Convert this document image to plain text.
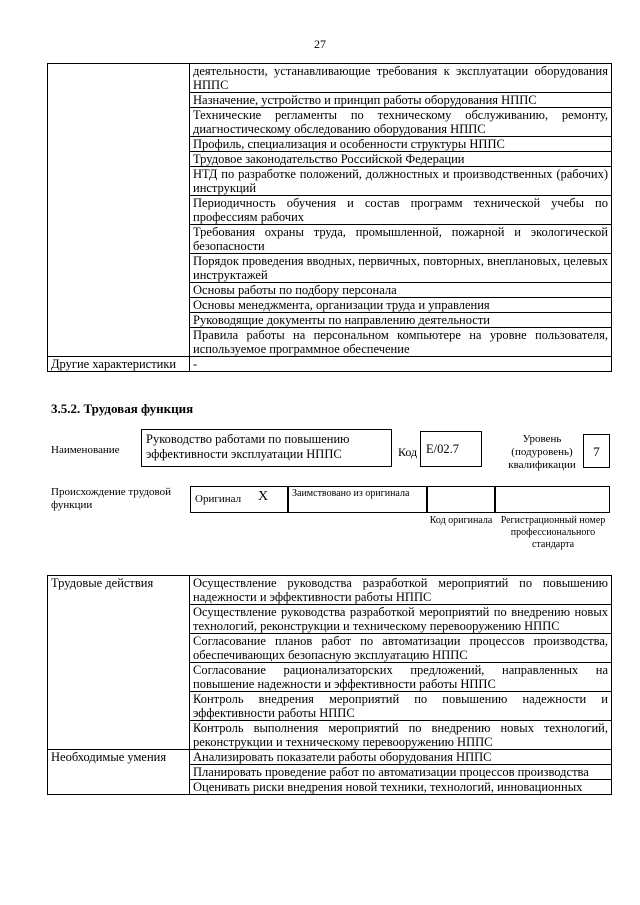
27
	деятельности, устанавливающие требования к эксплуатации оборудования НППС
	Назначение, устройство и принцип работы оборудования НППС
	Технические регламенты по техническому обслуживанию, ремонту, диагностическому обследованию оборудования НППС
	Профиль, специализация и особенности структуры НППС
	Трудовое законодательство Российской Федерации
	НТД по разработке положений, должностных и производственных (рабочих) инструкций
	Периодичность обучения и состав программ технической учебы по профессиям рабочих
	Требования охраны труда, промышленной, пожарной и экологической безопасности
	Порядок проведения вводных, первичных, повторных, внеплановых, целевых инструктажей
	Основы работы по подбору персонала
	Основы менеджмента, организации труда и управления
	Руководящие документы по направлению деятельности
	Правила работы на персональном компьютере на уровне пользователя, используемое программное обеспечение
Другие характеристики	-
3.5.2. Трудовая функция
Наименование
Руководство работами по повышению эффективности эксплуатации НППС	Код E/02.7
Уровень (подуровень) квалификации
7
Происхождение трудовой функции	Оригинал X Заимствовано из оригинала
Код оригинала Регистрационный номер профессионального стандарта
Трудовые действия	Осуществление руководства разработкой мероприятий по повышению надежности и эффективности работы НППС
	Осуществление руководства разработкой мероприятий по внедрению новых технологий, реконструкции и техническому перевооружению НППС
	Согласование планов работ по автоматизации процессов производства, обеспечивающих безопасную эксплуатацию НППС
	Согласование рационализаторских предложений, направленных на повышение надежности и эффективности работы НППС
	Контроль внедрения мероприятий по повышению надежности и эффективности работы НППС
	Контроль выполнения мероприятий по внедрению новых технологий, реконструкции и техническому перевооружению НППС
Необходимые умения	Анализировать показатели работы оборудования НППС
	Планировать проведение работ по автоматизации процессов производства
	Оценивать риски внедрения новой техники, технологий, инновационных
